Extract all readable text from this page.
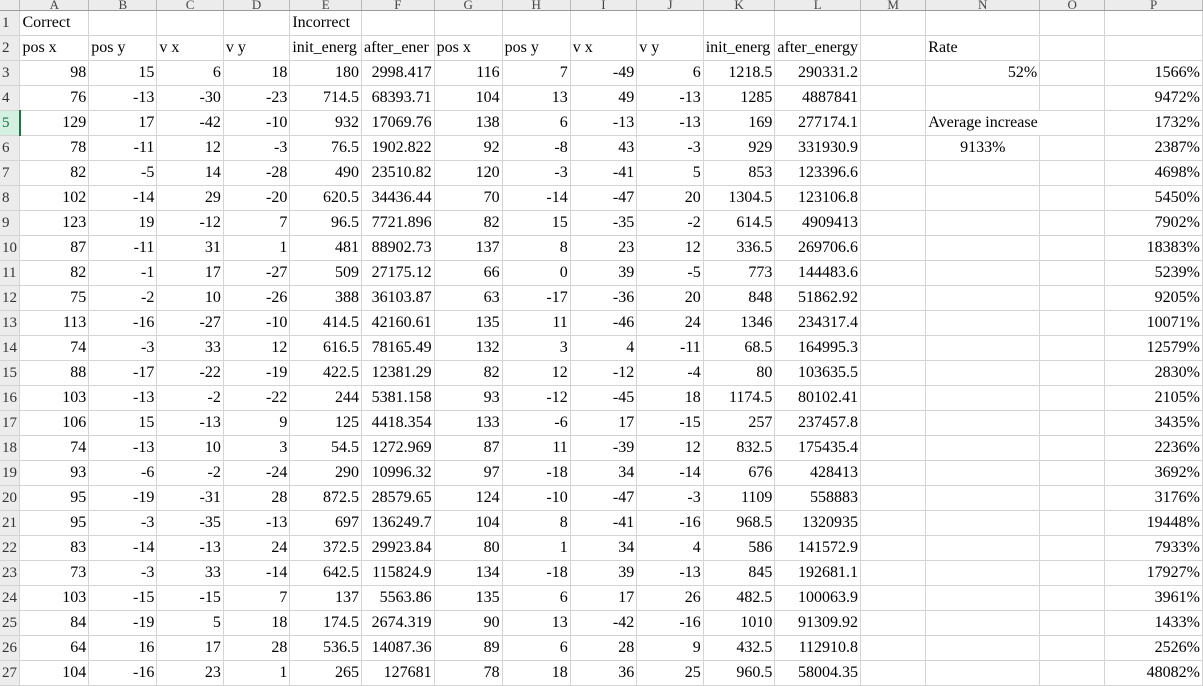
	A	B	C	D	E	F	G	H	I	J	K	L	M	N	O	P
1	Correct				Incorrect											
2	pos x	pos y	v x	v y	init_energ	after_ener	pos x	pos y	v x	v y	init_energ	after_energy		Rate		
3	98	15	6	18	180	2998.417	116	7	-49	6	1218.5	290331.2		52%		1566%
4	76	-13	-30	-23	714.5	68393.71	104	13	49	-13	1285	4887841				9472%
5	129	17	-42	-10	932	17069.76	138	6	-13	-13	169	277174.1		Average increase		1732%
6	78	-11	12	-3	76.5	1902.822	92	-8	43	-3	929	331930.9		9133%		2387%
7	82	-5	14	-28	490	23510.82	120	-3	-41	5	853	123396.6				4698%
8	102	-14	29	-20	620.5	34436.44	70	-14	-47	20	1304.5	123106.8				5450%
9	123	19	-12	7	96.5	7721.896	82	15	-35	-2	614.5	4909413				7902%
10	87	-11	31	1	481	88902.73	137	8	23	12	336.5	269706.6				18383%
11	82	-1	17	-27	509	27175.12	66	0	39	-5	773	144483.6				5239%
12	75	-2	10	-26	388	36103.87	63	-17	-36	20	848	51862.92				9205%
13	113	-16	-27	-10	414.5	42160.61	135	11	-46	24	1346	234317.4				10071%
14	74	-3	33	12	616.5	78165.49	132	3	4	-11	68.5	164995.3				12579%
15	88	-17	-22	-19	422.5	12381.29	82	12	-12	-4	80	103635.5				2830%
16	103	-13	-2	-22	244	5381.158	93	-12	-45	18	1174.5	80102.41				2105%
17	106	15	-13	9	125	4418.354	133	-6	17	-15	257	237457.8				3435%
18	74	-13	10	3	54.5	1272.969	87	11	-39	12	832.5	175435.4				2236%
19	93	-6	-2	-24	290	10996.32	97	-18	34	-14	676	428413				3692%
20	95	-19	-31	28	872.5	28579.65	124	-10	-47	-3	1109	558883				3176%
21	95	-3	-35	-13	697	136249.7	104	8	-41	-16	968.5	1320935				19448%
22	83	-14	-13	24	372.5	29923.84	80	1	34	4	586	141572.9				7933%
23	73	-3	33	-14	642.5	115824.9	134	-18	39	-13	845	192681.1				17927%
24	103	-15	-15	7	137	5563.86	135	6	17	26	482.5	100063.9				3961%
25	84	-19	5	18	174.5	2674.319	90	13	-42	-16	1010	91309.92				1433%
26	64	16	17	28	536.5	14087.36	89	6	28	9	432.5	112910.8				2526%
27	104	-16	23	1	265	127681	78	18	36	25	960.5	58004.35				48082%
